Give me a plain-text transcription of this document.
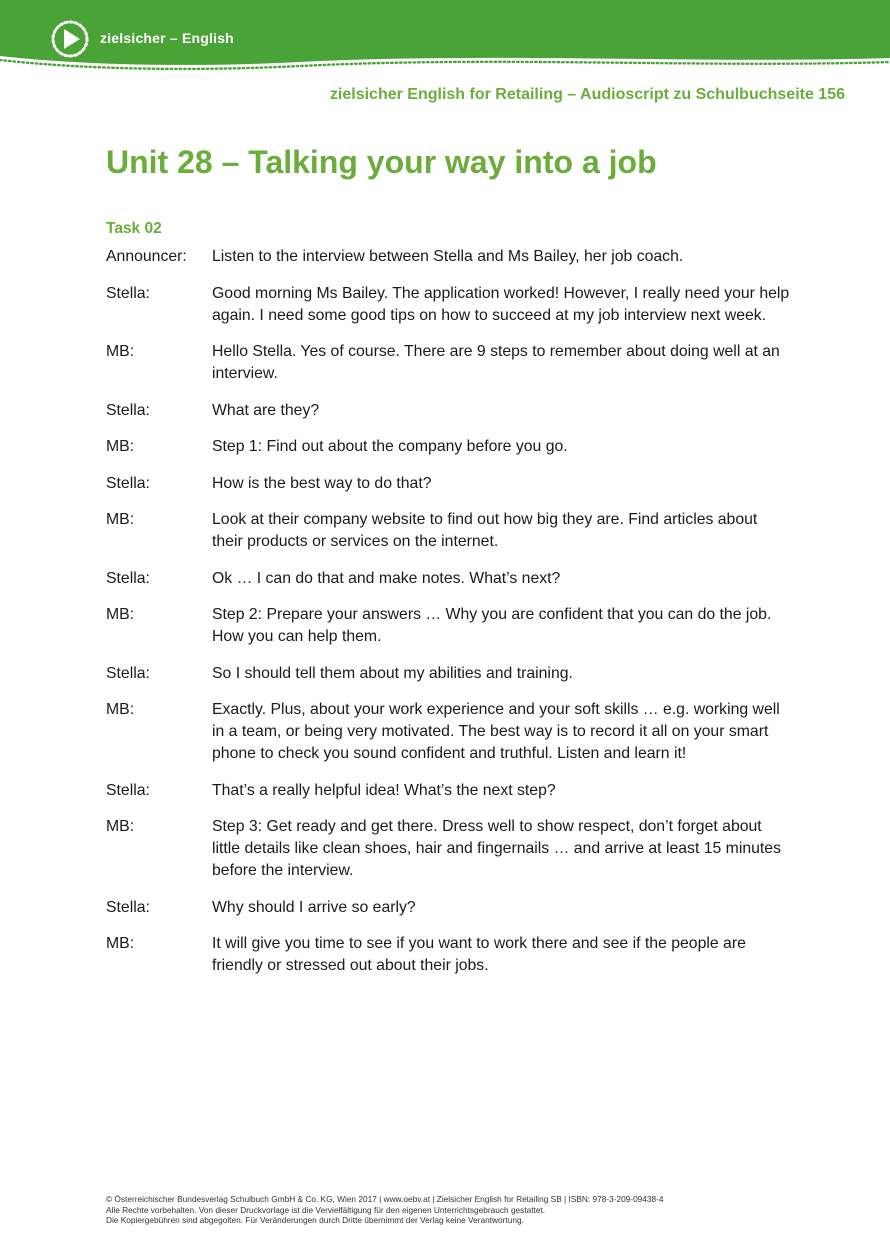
zielsicher – English
zielsicher English for Retailing – Audioscript zu Schulbuchseite 156
Unit 28 – Talking your way into a job
Task 02
Announcer:	Listen to the interview between Stella and Ms Bailey, her job coach.
Stella:	Good morning Ms Bailey. The application worked! However, I really need your help again. I need some good tips on how to succeed at my job interview next week.
MB:	Hello Stella. Yes of course. There are 9 steps to remember about doing well at an interview.
Stella:	What are they?
MB:	Step 1: Find out about the company before you go.
Stella:	How is the best way to do that?
MB:	Look at their company website to find out how big they are. Find articles about their products or services on the internet.
Stella:	Ok … I can do that and make notes. What’s next?
MB:	Step 2: Prepare your answers … Why you are confident that you can do the job. How you can help them.
Stella:	So I should tell them about my abilities and training.
MB:	Exactly. Plus, about your work experience and your soft skills … e.g. working well in a team, or being very motivated. The best way is to record it all on your smart phone to check you sound confident and truthful. Listen and learn it!
Stella:	That’s a really helpful idea! What’s the next step?
MB:	Step 3: Get ready and get there. Dress well to show respect, don’t forget about little details like clean shoes, hair and fingernails … and arrive at least 15 minutes before the interview.
Stella:	Why should I arrive so early?
MB:	It will give you time to see if you want to work there and see if the people are friendly or stressed out about their jobs.
© Österreichischer Bundesverlag Schulbuch GmbH & Co. KG, Wien 2017 | www.oebv.at | Zielsicher English for Retailing SB | ISBN: 978-3-209-09438-4
Alle Rechte vorbehalten. Von dieser Druckvorlage ist die Vervielfältigung für den eigenen Unterrichtsgebrauch gestattet.
Die Kopiergebühren sind abgegolten. Für Veränderungen durch Dritte übernimmt der Verlag keine Verantwortung.
